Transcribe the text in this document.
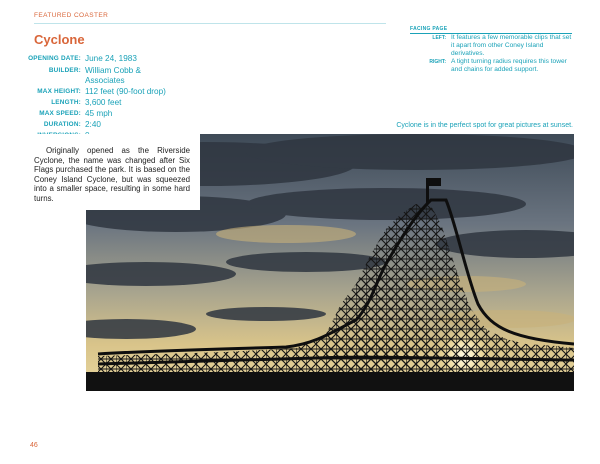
FEATURED COASTER
FACING PAGE
LEFT: It features a few memorable clips that set it apart from other Coney Island derivatives.
RIGHT: A tight turning radius requires this tower and chains for added support.
Cyclone
OPENING DATE: June 24, 1983
BUILDER: William Cobb & Associates
MAX HEIGHT: 112 feet (90-foot drop)
LENGTH: 3,600 feet
MAX SPEED: 45 mph
DURATION: 2:40	Cyclone is in the perfect spot for great pictures at sunset.

Originally opened as the Riverside Cyclone, the name was changed after Six Flags purchased the park. It is based on the Coney Island Cyclone, but was squeezed into a smaller space, resulting in some hard turns.

46
